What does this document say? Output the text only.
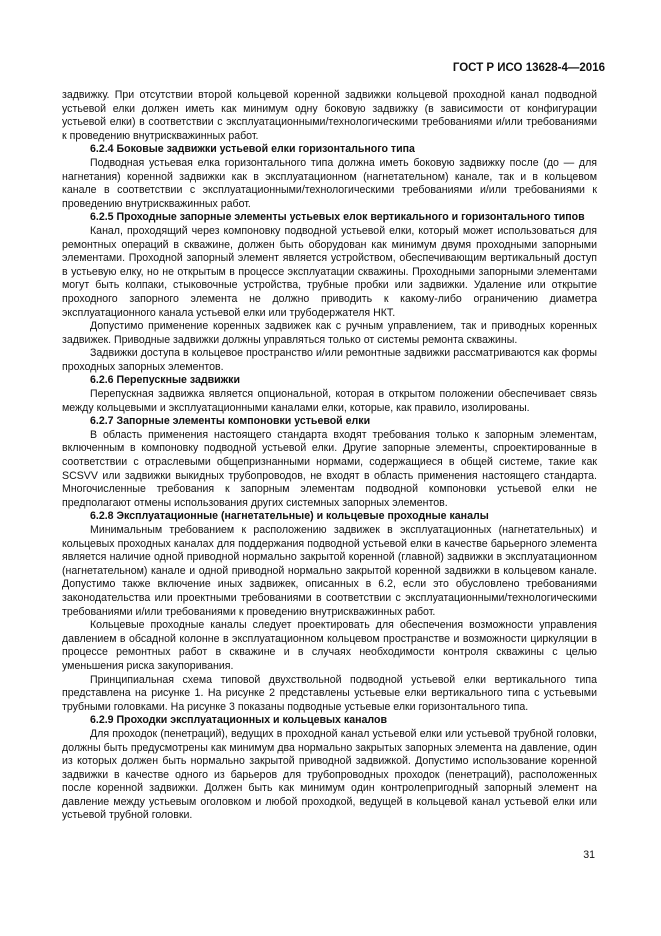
ГОСТ Р ИСО 13628-4—2016

задвижку. При отсутствии второй кольцевой коренной задвижки кольцевой проходной канал подводной устьевой елки должен иметь как минимум одну боковую задвижку (в зависимости от конфигурации устьевой елки) в соответствии с эксплуатационными/технологическими требованиями и/или требованиями к проведению внутрискважинных работ.

6.2.4 Боковые задвижки устьевой елки горизонтального типа

Подводная устьевая елка горизонтального типа должна иметь боковую задвижку после (до — для нагнетания) коренной задвижки как в эксплуатационном (нагнетательном) канале, так и в кольцевом канале в соответствии с эксплуатационными/технологическими требованиями и/или требованиями к проведению внутрискважинных работ.

6.2.5 Проходные запорные элементы устьевых елок вертикального и горизонтального типов

Канал, проходящий через компоновку подводной устьевой елки, который может использоваться для ремонтных операций в скважине, должен быть оборудован как минимум двумя проходными запорными элементами. Проходной запорный элемент является устройством, обеспечивающим вертикальный доступ в устьевую елку, но не открытым в процессе эксплуатации скважины. Проходными запорными элементами могут быть колпаки, стыковочные устройства, трубные пробки или задвижки. Удаление или открытие проходного запорного элемента не должно приводить к какому-либо ограничению диаметра эксплуатационного канала устьевой елки или трубодержателя НКТ.

Допустимо применение коренных задвижек как с ручным управлением, так и приводных коренных задвижек. Приводные задвижки должны управляться только от системы ремонта скважины.

Задвижки доступа в кольцевое пространство и/или ремонтные задвижки рассматриваются как формы проходных запорных элементов.

6.2.6 Перепускные задвижки

Перепускная задвижка является опциональной, которая в открытом положении обеспечивает связь между кольцевыми и эксплуатационными каналами елки, которые, как правило, изолированы.

6.2.7 Запорные элементы компоновки устьевой елки

В область применения настоящего стандарта входят требования только к запорным элементам, включенным в компоновку подводной устьевой елки. Другие запорные элементы, спроектированные в соответствии с отраслевыми общепризнанными нормами, содержащиеся в общей системе, такие как SCSVV или задвижки выкидных трубопроводов, не входят в область применения настоящего стандарта. Многочисленные требования к запорным элементам подводной компоновки устьевой елки не предполагают отмены использования других системных запорных элементов.

6.2.8 Эксплуатационные (нагнетательные) и кольцевые проходные каналы

Минимальным требованием к расположению задвижек в эксплуатационных (нагнетательных) и кольцевых проходных каналах для поддержания подводной устьевой елки в качестве барьерного элемента является наличие одной приводной нормально закрытой коренной (главной) задвижки в эксплуатационном (нагнетательном) канале и одной приводной нормально закрытой коренной задвижки в кольцевом канале. Допустимо также включение иных задвижек, описанных в 6.2, если это обусловлено требованиями законодательства или проектными требованиями в соответствии с эксплуатационными/технологическими требованиями и/или требованиями к проведению внутрискважинных работ.

Кольцевые проходные каналы следует проектировать для обеспечения возможности управления давлением в обсадной колонне в эксплуатационном кольцевом пространстве и возможности циркуляции в процессе ремонтных работ в скважине и в случаях необходимости контроля скважины с целью уменьшения риска закупоривания.

Принципиальная схема типовой двухствольной подводной устьевой елки вертикального типа представлена на рисунке 1. На рисунке 2 представлены устьевые елки вертикального типа с устьевыми трубными головками. На рисунке 3 показаны подводные устьевые елки горизонтального типа.

6.2.9 Проходки эксплуатационных и кольцевых каналов

Для проходок (пенетраций), ведущих в проходной канал устьевой елки или устьевой трубной головки, должны быть предусмотрены как минимум два нормально закрытых запорных элемента на давление, один из которых должен быть нормально закрытой приводной задвижкой. Допустимо использование коренной задвижки в качестве одного из барьеров для трубопроводных проходок (пенетраций), расположенных после коренной задвижки. Должен быть как минимум один контролепригодный запорный элемент на давление между устьевым оголовком и любой проходкой, ведущей в кольцевой канал устьевой елки или устьевой трубной головки.

31
